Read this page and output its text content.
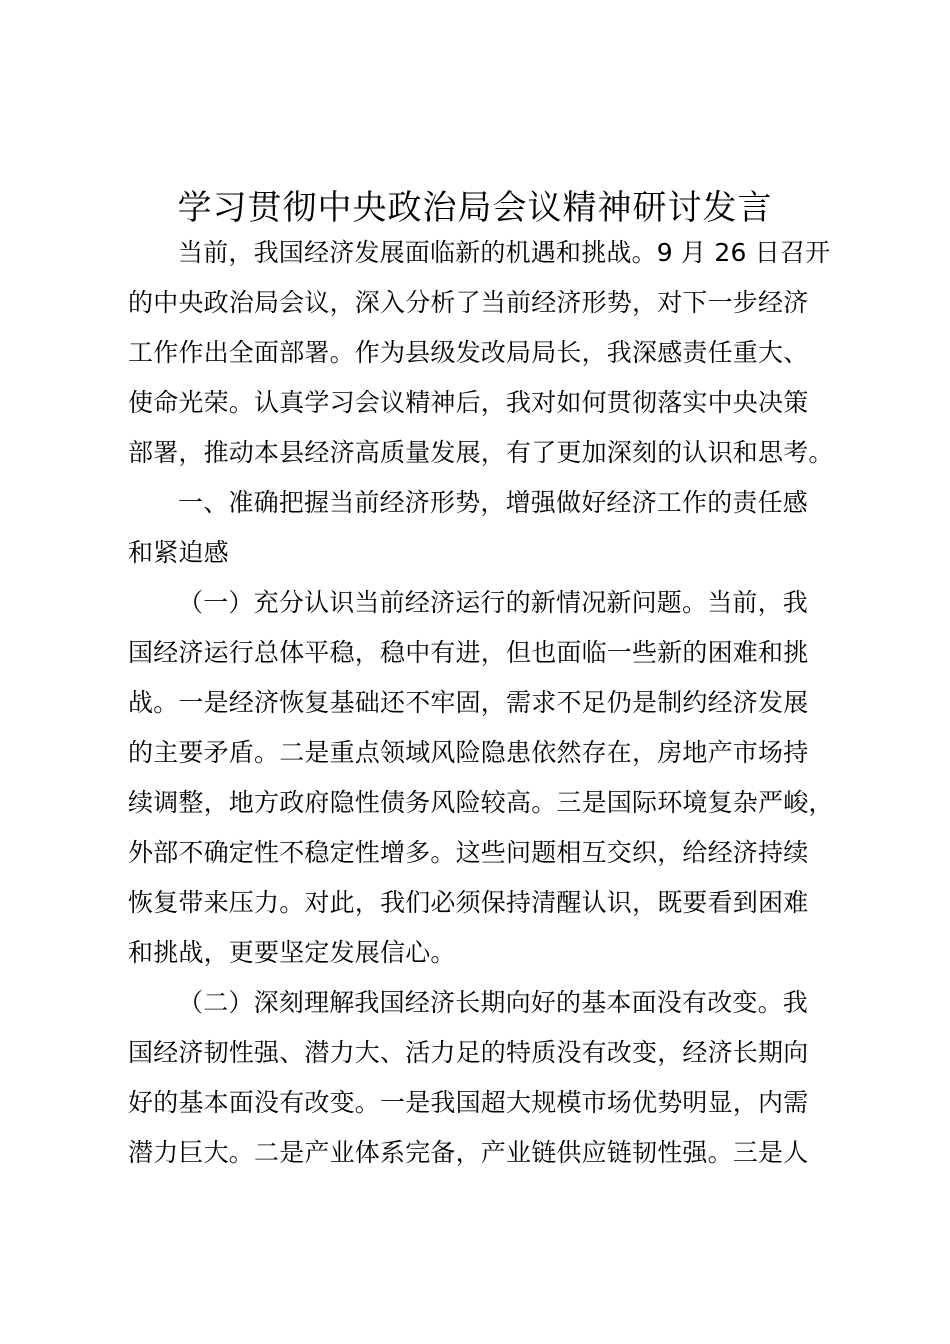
学习贯彻中央政治局会议精神研讨发言
当前，我国经济发展面临新的机遇和挑战。9 月 26 日召开
的中央政治局会议，深入分析了当前经济形势，对下一步经济
工作作出全面部署。作为县级发改局局长，我深感责任重大、
使命光荣。认真学习会议精神后，我对如何贯彻落实中央决策
部署，推动本县经济高质量发展，有了更加深刻的认识和思考。
一、准确把握当前经济形势，增强做好经济工作的责任感
和紧迫感
（一）充分认识当前经济运行的新情况新问题。当前，我
国经济运行总体平稳，稳中有进，但也面临一些新的困难和挑
战。一是经济恢复基础还不牢固，需求不足仍是制约经济发展
的主要矛盾。二是重点领域风险隐患依然存在，房地产市场持
续调整，地方政府隐性债务风险较高。三是国际环境复杂严峻，
外部不确定性不稳定性增多。这些问题相互交织，给经济持续
恢复带来压力。对此，我们必须保持清醒认识，既要看到困难
和挑战，更要坚定发展信心。
（二）深刻理解我国经济长期向好的基本面没有改变。我
国经济韧性强、潜力大、活力足的特质没有改变，经济长期向
好的基本面没有改变。一是我国超大规模市场优势明显，内需
潜力巨大。二是产业体系完备，产业链供应链韧性强。三是人
